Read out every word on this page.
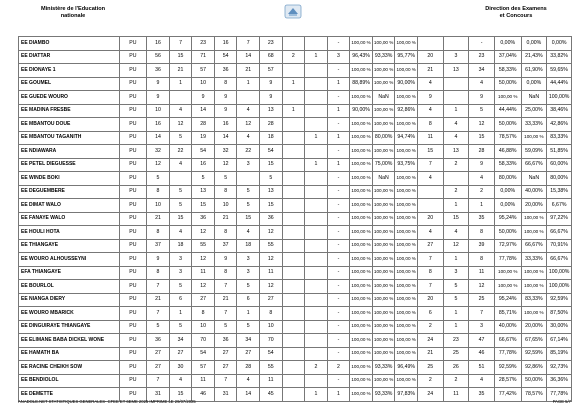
Ministère de l'Education
nationale
Direction des Examens
et Concours
EE DIAMBO	PU	16	7	23	16	7	23			-	100,00 %	100,00 %	100,00 %			-	0,00%	0,00%	0,00%
EE DIATTAR	PU	56	15	71	54	14	68	2	1	3	96,43%	93,33%	95,77%	20	3	23	37,04%	21,43%	33,82%
EE DIONAYE 1	PU	36	21	57	36	21	57			-	100,00 %	100,00 %	100,00 %	21	13	34	58,33%	61,90%	59,65%
EE GOUMEL	PU	9	1	10	8	1	9	1		1	88,89%	100,00 %	90,00%	4		4	50,00%	0,00%	44,44%
EE GUEDE WOURO	PU	9		9	9		9			-	100,00 %	NaN	100,00 %	9		9	100,00 %	NaN	100,00%
EE MADINA FRESBE	PU	10	4	14	9	4	13	1		1	90,00%	100,00 %	92,86%	4	1	5	44,44%	25,00%	38,46%
EE MBANTOU DOUE	PU	16	12	28	16	12	28			-	100,00 %	100,00 %	100,00 %	8	4	12	50,00%	33,33%	42,86%
EE MBANTOU TAGANITH	PU	14	5	19	14	4	18		1	1	100,00 %	80,00%	94,74%	11	4	15	78,57%	100,00 %	83,33%
EE NDIAWARA	PU	32	22	54	32	22	54			-	100,00 %	100,00 %	100,00 %	15	13	28	46,88%	59,09%	51,85%
EE PETEL DIEGUESSE	PU	12	4	16	12	3	15		1	1	100,00 %	75,00%	93,75%	7	2	9	58,33%	66,67%	60,00%
EE WINDE BOKI	PU	5		5	5		5			-	100,00 %	NaN	100,00 %	4		4	80,00%	NaN	80,00%
EE DEGUEMBERE	PU	8	5	13	8	5	13			-	100,00 %	100,00 %	100,00 %		2	2	0,00%	40,00%	15,38%
EE DIMAT WALO	PU	10	5	15	10	5	15			-	100,00 %	100,00 %	100,00 %		1	1	0,00%	20,00%	6,67%
EE FANAYE WALO	PU	21	15	36	21	15	36			-	100,00 %	100,00 %	100,00 %	20	15	35	95,24%	100,00 %	97,22%
EE HOULI HOTA	PU	8	4	12	8	4	12			-	100,00 %	100,00 %	100,00 %	4	4	8	50,00%	100,00 %	66,67%
EE THIANGAYE	PU	37	18	55	37	18	55			-	100,00 %	100,00 %	100,00 %	27	12	39	72,97%	66,67%	70,91%
EE WOURO ALHOUSSEYNI	PU	9	3	12	9	3	12			-	100,00 %	100,00 %	100,00 %	7	1	8	77,78%	33,33%	66,67%
EFA THIANGAYE	PU	8	3	11	8	3	11			-	100,00 %	100,00 %	100,00 %	8	3	11	100,00 %	100,00 %	100,00%
EE BOURLOL	PU	7	5	12	7	5	12			-	100,00 %	100,00 %	100,00 %	7	5	12	100,00 %	100,00 %	100,00%
EE NIANGA DIERY	PU	21	6	27	21	6	27			-	100,00 %	100,00 %	100,00 %	20	5	25	95,24%	83,33%	92,59%
EE WOURO MBARICK	PU	7	1	8	7	1	8			-	100,00 %	100,00 %	100,00 %	6	1	7	85,71%	100,00 %	87,50%
EE DINGUIRAYE THIANGAYE	PU	5	5	10	5	5	10			-	100,00 %	100,00 %	100,00 %	2	1	3	40,00%	20,00%	30,00%
EE ELIMANE BABA DICKEL WONE	PU	36	34	70	36	34	70			-	100,00 %	100,00 %	100,00 %	24	23	47	66,67%	67,65%	67,14%
EE HAMATH BA	PU	27	27	54	27	27	54			-	100,00 %	100,00 %	100,00 %	21	25	46	77,78%	92,59%	85,19%
EE RACINE CHEIKH SOW	PU	27	30	57	27	28	55		2	2	100,00 %	93,33%	96,49%	25	26	51	92,59%	92,86%	92,73%
EE BENDIOLOL	PU	7	4	11	7	4	11			-	100,00 %	100,00 %	100,00 %	2	2	4	28,57%	50,00%	36,36%
EE DEMETTE	PU	31	15	46	31	14	45		1	1	100,00 %	93,33%	97,83%	24	11	35	77,42%	78,57%	77,78%
ANADOLE.NET STATISTIQUES GENERALES- CFEE ET 6EME 2025 IMPRIME LE 29/07/2025	PAGE 5/7
